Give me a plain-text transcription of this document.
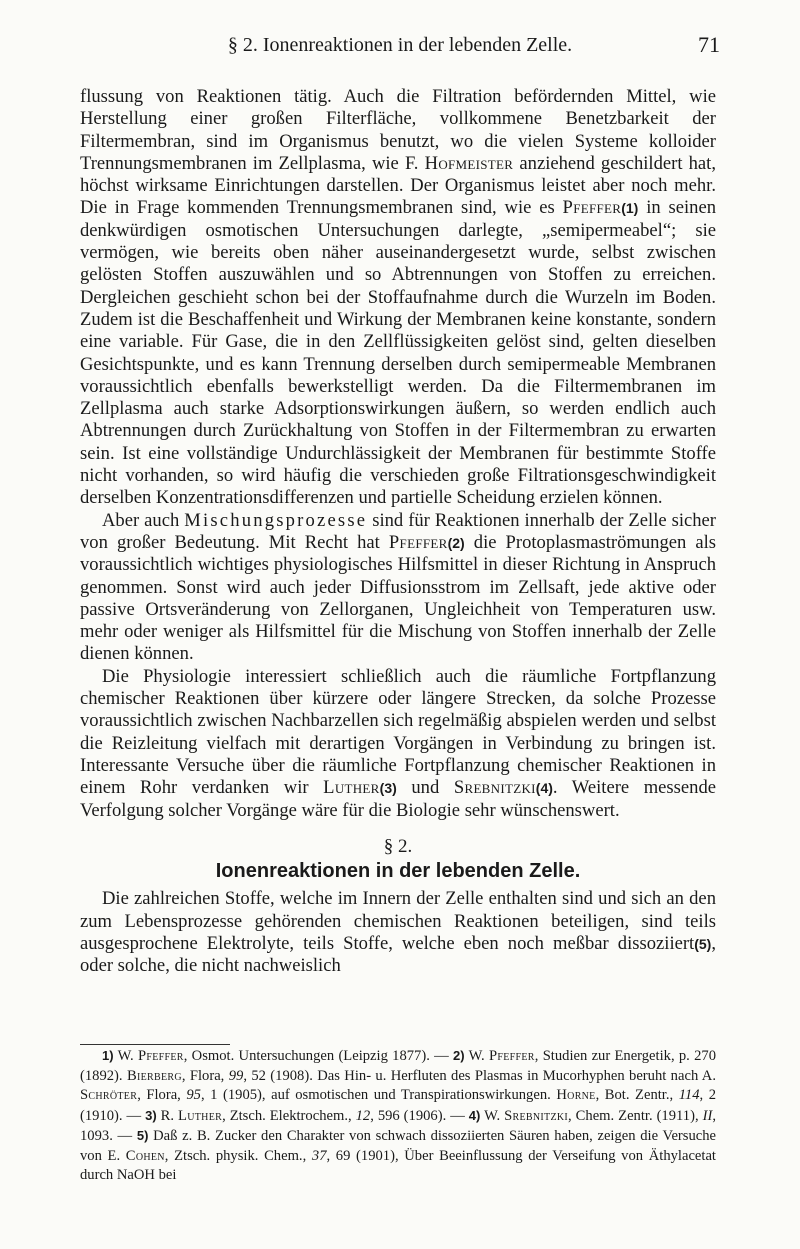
§ 2. Ionenreaktionen in der lebenden Zelle.	71

flussung von Reaktionen tätig. Auch die Filtration befördernden Mittel, wie Herstellung einer großen Filterfläche, vollkommene Benetzbarkeit der Filtermembran, sind im Organismus benutzt, wo die vielen Systeme kolloider Trennungsmembranen im Zellplasma, wie F. Hofmeister anziehend geschildert hat, höchst wirksame Einrichtungen darstellen. Der Organismus leistet aber noch mehr. Die in Frage kommenden Trennungsmembranen sind, wie es Pfeffer(1) in seinen denkwürdigen osmotischen Untersuchungen darlegte, „semipermeabel“; sie vermögen, wie bereits oben näher auseinandergesetzt wurde, selbst zwischen gelösten Stoffen auszuwählen und so Abtrennungen von Stoffen zu erreichen. Dergleichen geschieht schon bei der Stoffaufnahme durch die Wurzeln im Boden. Zudem ist die Beschaffenheit und Wirkung der Membranen keine konstante, sondern eine variable. Für Gase, die in den Zellflüssigkeiten gelöst sind, gelten dieselben Gesichtspunkte, und es kann Trennung derselben durch semipermeable Membranen voraussichtlich ebenfalls bewerkstelligt werden. Da die Filtermembranen im Zellplasma auch starke Adsorptionswirkungen äußern, so werden endlich auch Abtrennungen durch Zurückhaltung von Stoffen in der Filtermembran zu erwarten sein. Ist eine vollständige Undurchlässigkeit der Membranen für bestimmte Stoffe nicht vorhanden, so wird häufig die verschieden große Filtrationsgeschwindigkeit derselben Konzentrationsdifferenzen und partielle Scheidung erzielen können.

Aber auch Mischungsprozesse sind für Reaktionen innerhalb der Zelle sicher von großer Bedeutung. Mit Recht hat Pfeffer(2) die Protoplasmaströmungen als voraussichtlich wichtiges physiologisches Hilfsmittel in dieser Richtung in Anspruch genommen. Sonst wird auch jeder Diffusionsstrom im Zellsaft, jede aktive oder passive Ortsveränderung von Zellorganen, Ungleichheit von Temperaturen usw. mehr oder weniger als Hilfsmittel für die Mischung von Stoffen innerhalb der Zelle dienen können.

Die Physiologie interessiert schließlich auch die räumliche Fortpflanzung chemischer Reaktionen über kürzere oder längere Strecken, da solche Prozesse voraussichtlich zwischen Nachbarzellen sich regelmäßig abspielen werden und selbst die Reizleitung vielfach mit derartigen Vorgängen in Verbindung zu bringen ist. Interessante Versuche über die räumliche Fortpflanzung chemischer Reaktionen in einem Rohr verdanken wir Luther(3) und Srebnitzki(4). Weitere messende Verfolgung solcher Vorgänge wäre für die Biologie sehr wünschenswert.

§ 2.
Ionenreaktionen in der lebenden Zelle.

Die zahlreichen Stoffe, welche im Innern der Zelle enthalten sind und sich an den zum Lebensprozesse gehörenden chemischen Reaktionen beteiligen, sind teils ausgesprochene Elektrolyte, teils Stoffe, welche eben noch meßbar dissoziiert(5), oder solche, die nicht nachweislich

1) W. Pfeffer, Osmot. Untersuchungen (Leipzig 1877). — 2) W. Pfeffer, Studien zur Energetik, p. 270 (1892). Bierberg, Flora, 99, 52 (1908). Das Hin- u. Herfluten des Plasmas in Mucorhyphen beruht nach A. Schröter, Flora, 95, 1 (1905), auf osmotischen und Transpirationswirkungen. Horne, Bot. Zentr., 114, 2 (1910). — 3) R. Luther, Ztsch. Elektrochem., 12, 596 (1906). — 4) W. Srebnitzki, Chem. Zentr. (1911), II, 1093. — 5) Daß z. B. Zucker den Charakter von schwach dissoziierten Säuren haben, zeigen die Versuche von E. Cohen, Ztsch. physik. Chem., 37, 69 (1901), Über Beeinflussung der Verseifung von Äthylacetat durch NaOH bei
